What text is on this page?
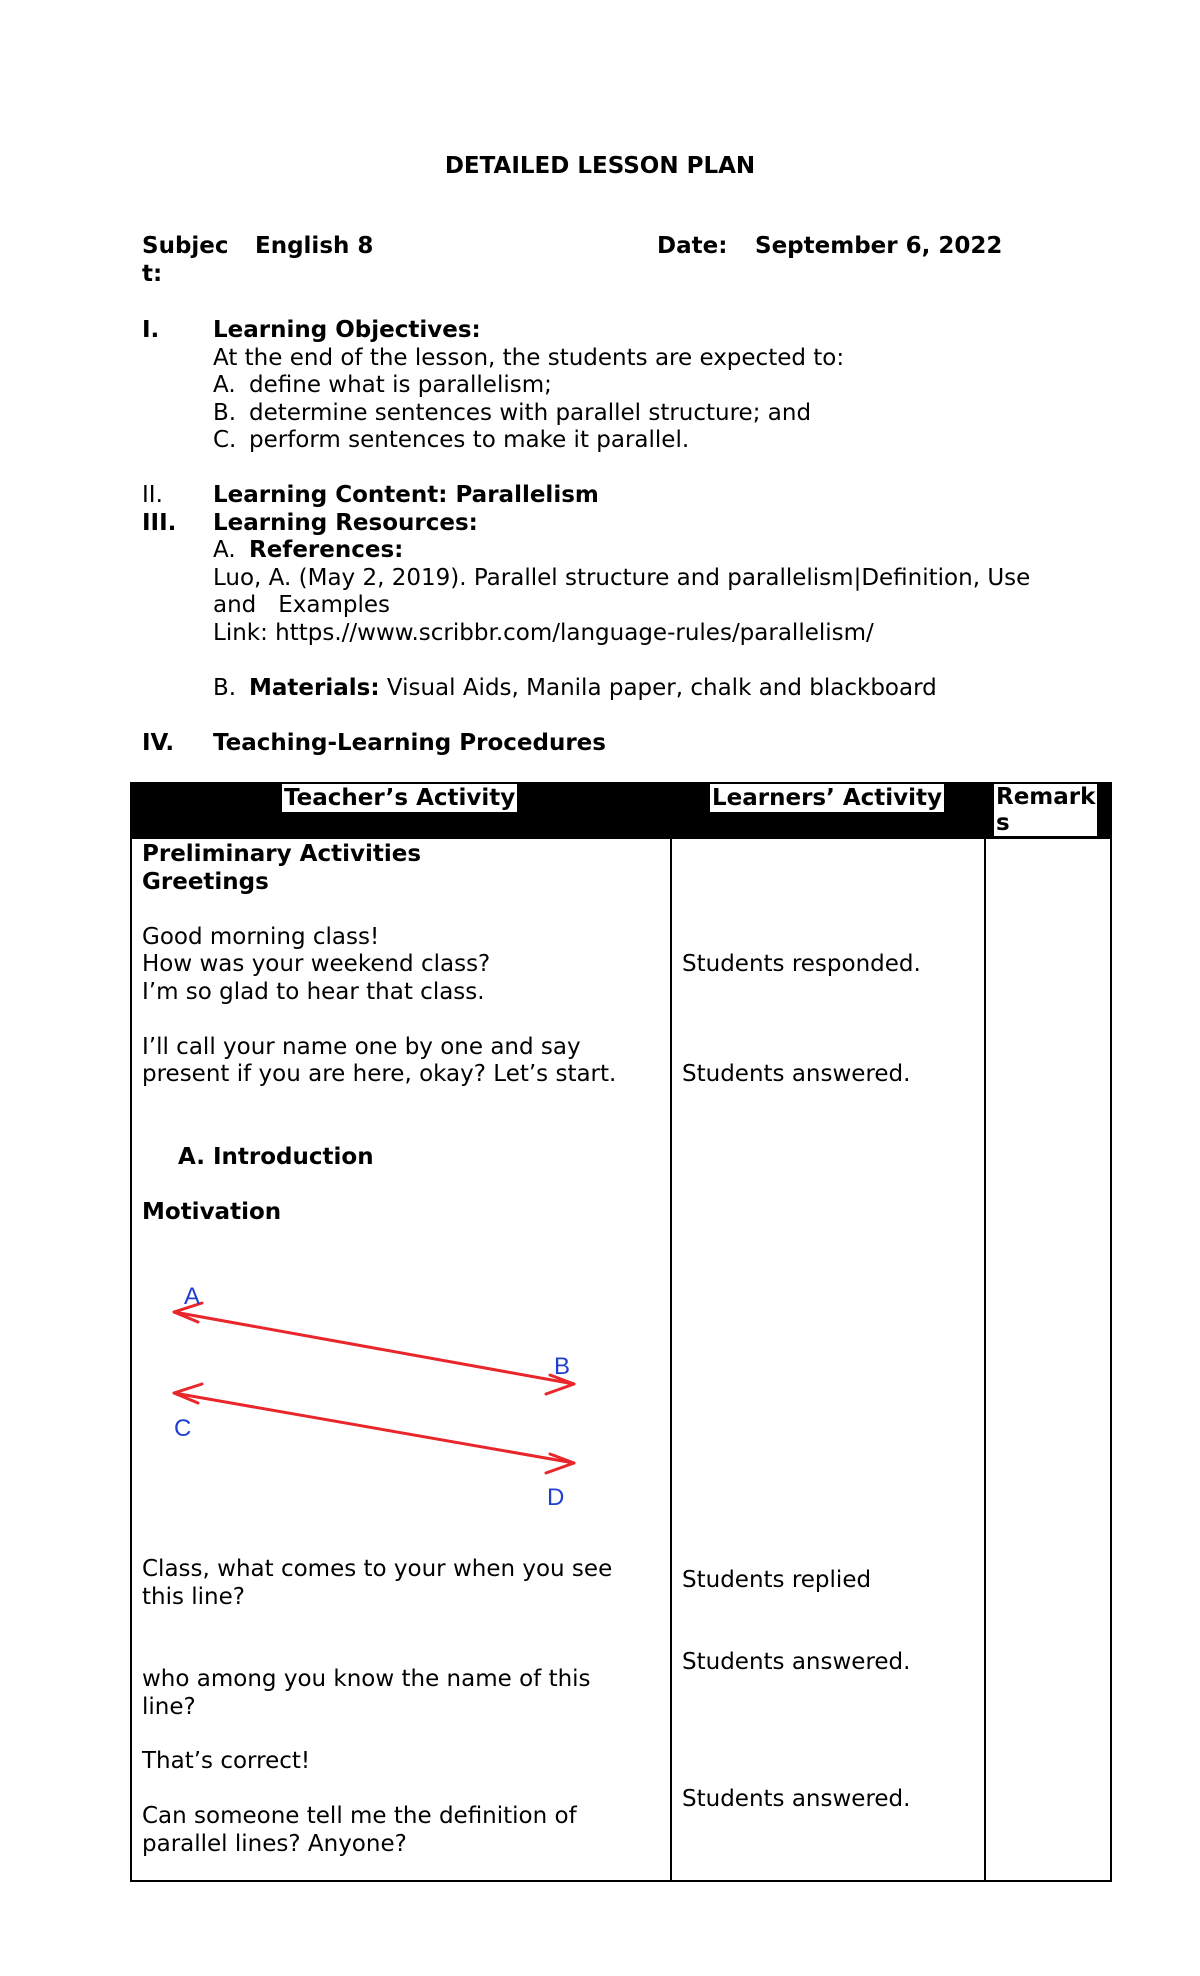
DETAILED LESSON PLAN
Subjec
t:
English 8	Date: September 6, 2022
I. Learning Objectives:
At the end of the lesson, the students are expected to:
A. define what is parallelism;
B. determine sentences with parallel structure; and
C. perform sentences to make it parallel.
II. Learning Content: Parallelism
III. Learning Resources:
A. References:
Luo, A. (May 2, 2019). Parallel structure and parallelism|Definition, Use
and   Examples
Link: https.//www.scribbr.com/language-rules/parallelism/
B. Materials: Visual Aids, Manila paper, chalk and blackboard
IV. Teaching-Learning Procedures
Teacher’s Activity	Learners’ Activity Remark
s
Preliminary Activities
Greetings
Good morning class!
How was your weekend class?
I’m so glad to hear that class.
I’ll call your name one by one and say
present if you are here, okay? Let’s start.
A. Introduction
Motivation
A
B
C
D
Class, what comes to your when you see
this line?
who among you know the name of this
line?
That’s correct!
Can someone tell me the definition of
parallel lines? Anyone?
Students responded.
Students answered.
Students replied
Students answered.
Students answered.
